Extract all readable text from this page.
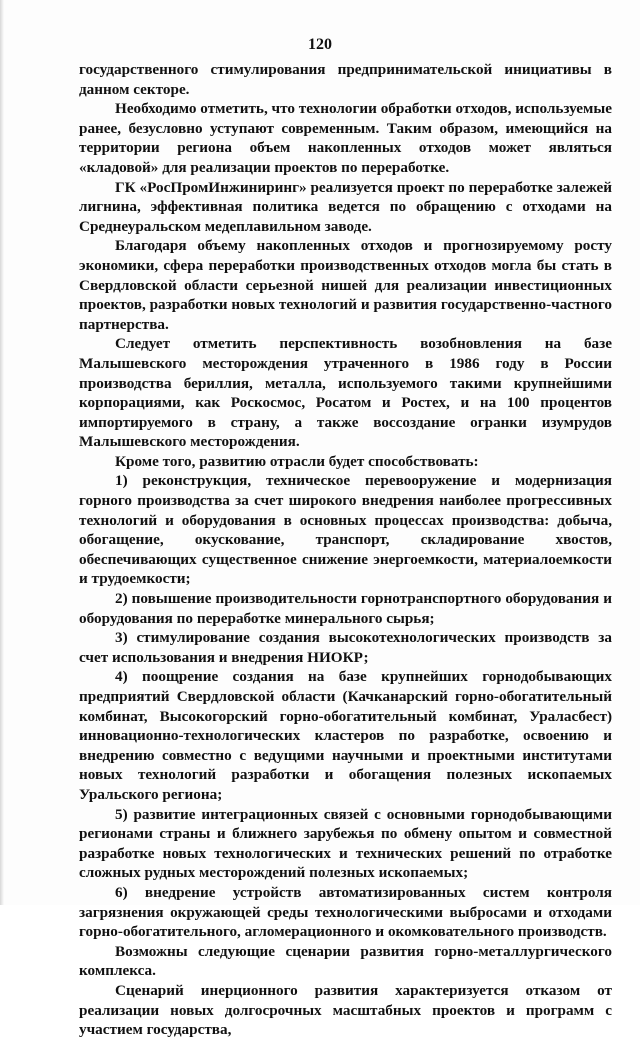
120

государственного стимулирования предпринимательской инициативы в данном секторе.

Необходимо отметить, что технологии обработки отходов, используемые ранее, безусловно уступают современным. Таким образом, имеющийся на территории региона объем накопленных отходов может являться «кладовой» для реализации проектов по переработке.

ГК «РосПромИнжиниринг» реализуется проект по переработке залежей лигнина, эффективная политика ведется по обращению с отходами на Среднеуральском медеплавильном заводе.

Благодаря объему накопленных отходов и прогнозируемому росту экономики, сфера переработки производственных отходов могла бы стать в Свердловской области серьезной нишей для реализации инвестиционных проектов, разработки новых технологий и развития государственно-частного партнерства.

Следует отметить перспективность возобновления на базе Малышевского месторождения утраченного в 1986 году в России производства бериллия, металла, используемого такими крупнейшими корпорациями, как Роскосмос, Росатом и Ростех, и на 100 процентов импортируемого в страну, а также воссоздание огранки изумрудов Малышевского месторождения.

Кроме того, развитию отрасли будет способствовать:

1) реконструкция, техническое перевооружение и модернизация горного производства за счет широкого внедрения наиболее прогрессивных технологий и оборудования в основных процессах производства: добыча, обогащение, окускование, транспорт, складирование хвостов, обеспечивающих существенное снижение энергоемкости, материалоемкости и трудоемкости;

2) повышение производительности горнотранспортного оборудования и оборудования по переработке минерального сырья;

3) стимулирование создания высокотехнологических производств за счет использования и внедрения НИОКР;

4) поощрение создания на базе крупнейших горнодобывающих предприятий Свердловской области (Качканарский горно-обогатительный комбинат, Высокогорский горно-обогатительный комбинат, Ураласбест) инновационно-технологических кластеров по разработке, освоению и внедрению совместно с ведущими научными и проектными институтами новых технологий разработки и обогащения полезных ископаемых Уральского региона;

5) развитие интеграционных связей с основными горнодобывающими регионами страны и ближнего зарубежья по обмену опытом и совместной разработке новых технологических и технических решений по отработке сложных рудных месторождений полезных ископаемых;

6) внедрение устройств автоматизированных систем контроля загрязнения окружающей среды технологическими выбросами и отходами горно-обогатительного, агломерационного и окомковательного производств.

Возможны следующие сценарии развития горно-металлургического комплекса.

Сценарий инерционного развития характеризуется отказом от реализации новых долгосрочных масштабных проектов и программ с участием государства,
